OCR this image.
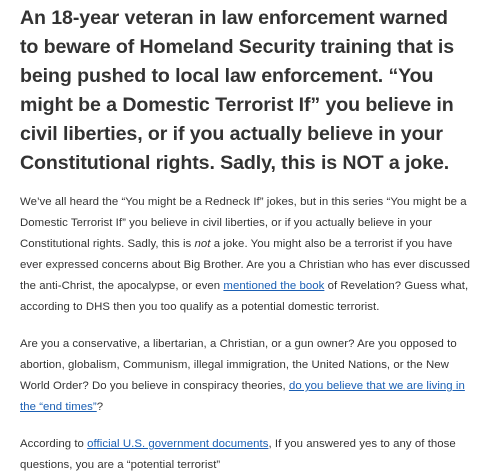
An 18-year veteran in law enforcement warned to beware of Homeland Security training that is being pushed to local law enforcement. “You might be a Domestic Terrorist If” you believe in civil liberties, or if you actually believe in your Constitutional rights. Sadly, this is NOT a joke.

We’ve all heard the “You might be a Redneck If” jokes, but in this series “You might be a Domestic Terrorist If” you believe in civil liberties, or if you actually believe in your Constitutional rights. Sadly, this is not a joke. You might also be a terrorist if you have ever expressed concerns about Big Brother. Are you a Christian who has ever discussed the anti-Christ, the apocalypse, or even mentioned the book of Revelation? Guess what, according to DHS then you too qualify as a potential domestic terrorist.

Are you a conservative, a libertarian, a Christian, or a gun owner? Are you opposed to abortion, globalism, Communism, illegal immigration, the United Nations, or the New World Order? Do you believe in conspiracy theories, do you believe that we are living in the “end times”?

According to official U.S. government documents, If you answered yes to any of those questions, you are a “potential terrorist”
